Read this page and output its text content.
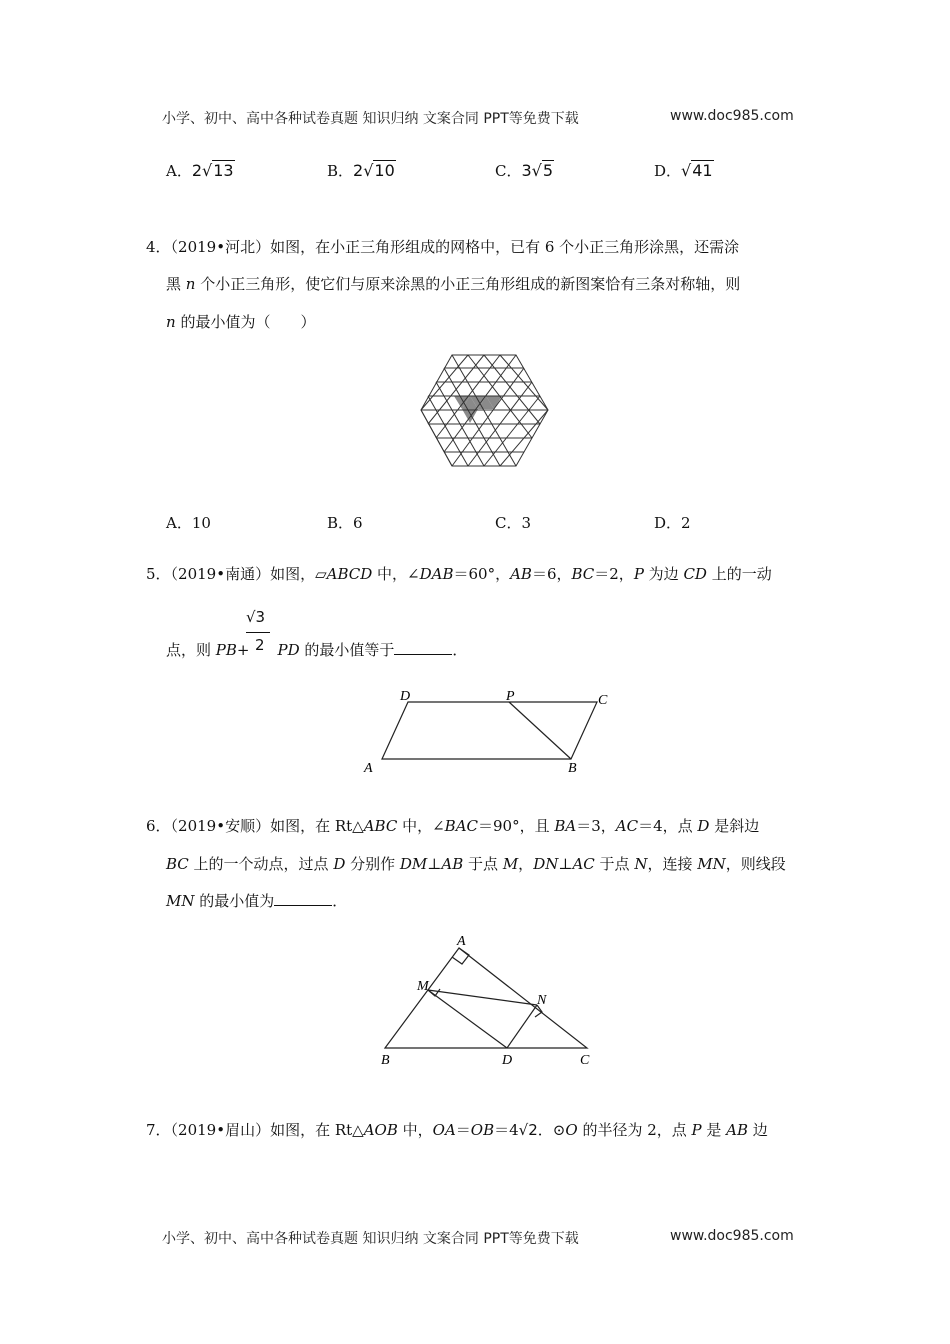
小学、初中、高中各种试卷真题 知识归纳 文案合同 PPT等免费下载	www.doc985.com
A．2√13	B．2√10	C．3√5	D．√41
4．（2019•河北）如图，在小正三角形组成的网格中，已有 6 个小正三角形涂黑，还需涂
黑 n 个小正三角形，使它们与原来涂黑的小正三角形组成的新图案恰有三条对称轴，则
n 的最小值为（　　）
A．10	B．6	C．3	D．2
5．（2019•南通）如图，▱ABCD 中，∠DAB＝60°，AB＝6，BC＝2，P 为边 CD 上的一动
√3
2
点，则 PB+ PD 的最小值等于	．
D	P	C
A	B
6．（2019•安顺）如图，在 Rt△ABC 中，∠BAC＝90°，且 BA＝3，AC＝4，点 D 是斜边
BC 上的一个动点，过点 D 分别作 DM⊥AB 于点 M，DN⊥AC 于点 N，连接 MN，则线段
MN 的最小值为	．
A
M
N
B	D	C
7．（2019•眉山）如图，在 Rt△AOB 中，OA＝OB＝4√2．⊙O 的半径为 2，点 P 是 AB 边
小学、初中、高中各种试卷真题 知识归纳 文案合同 PPT等免费下载	www.doc985.com
